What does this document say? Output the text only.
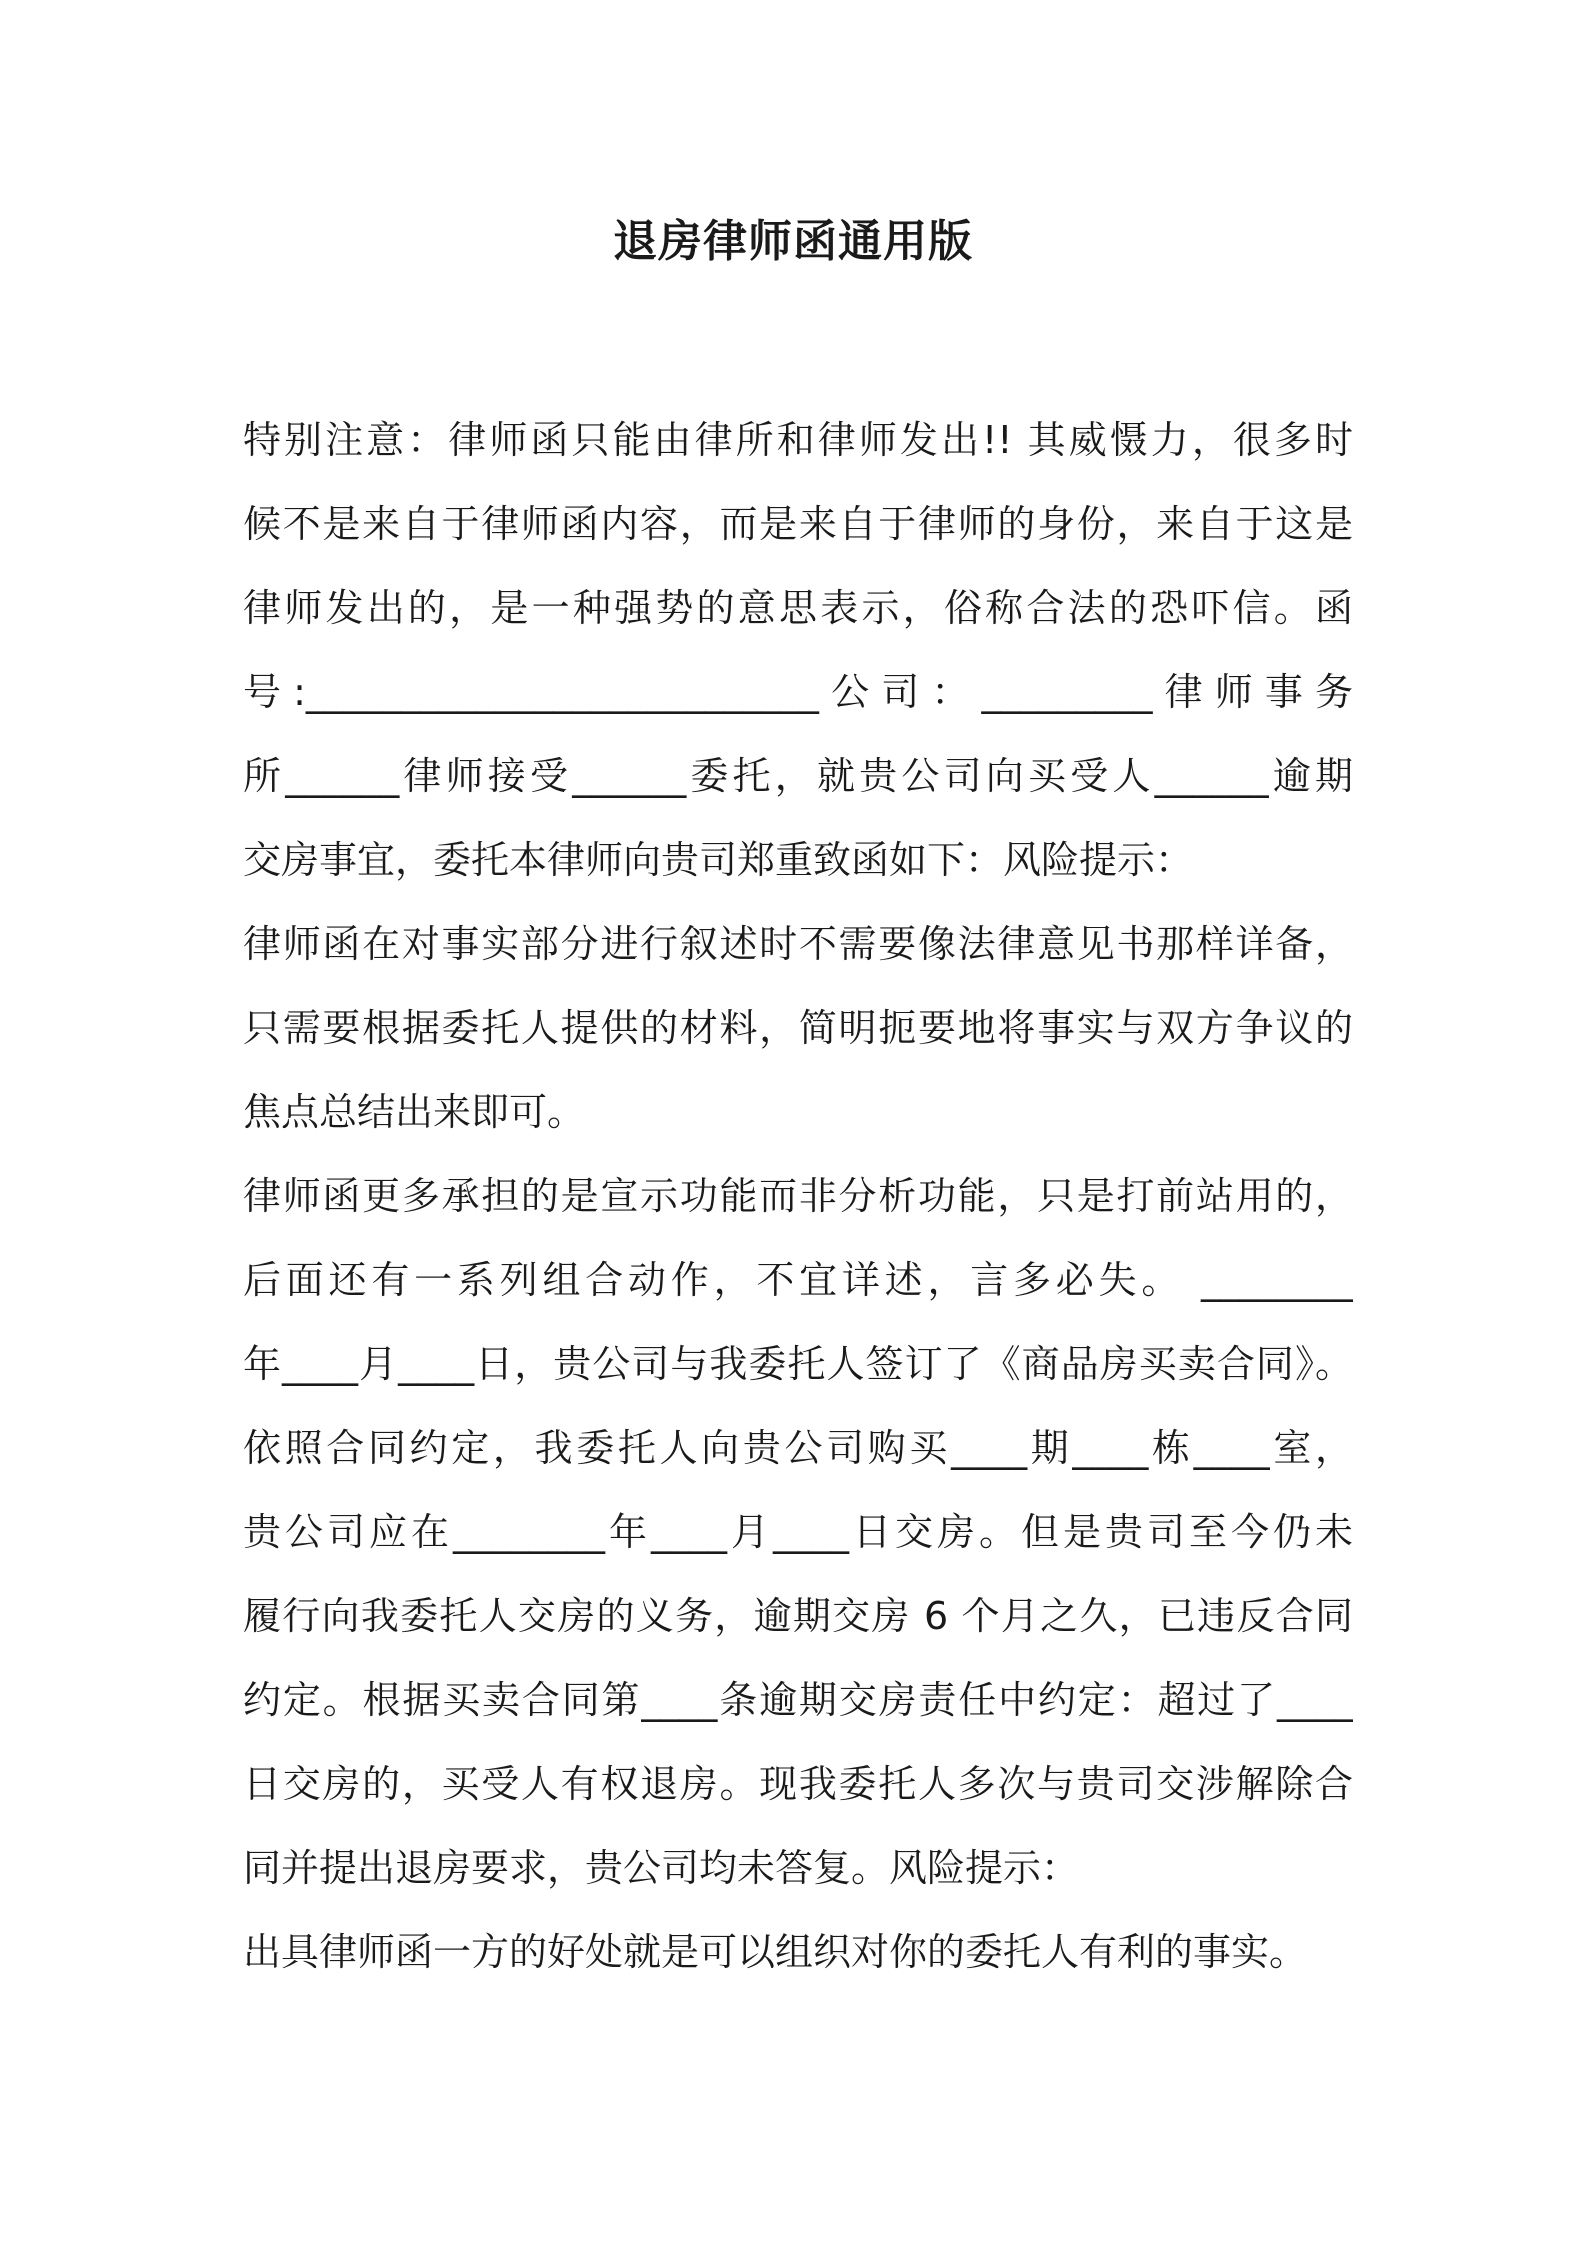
退房律师函通用版
特别注意：律师函只能由律所和律师发出!! 其威慑力，很多时
候不是来自于律师函内容，而是来自于律师的身份，来自于这是
律师发出的，是一种强势的意思表示，俗称合法的恐吓信。函
号:___________________________公司：_________律师事务
所______律师接受______委托，就贵公司向买受人______逾期
交房事宜，委托本律师向贵司郑重致函如下：风险提示：
律师函在对事实部分进行叙述时不需要像法律意见书那样详备，
只需要根据委托人提供的材料，简明扼要地将事实与双方争议的
焦点总结出来即可。
律师函更多承担的是宣示功能而非分析功能，只是打前站用的，
后面还有一系列组合动作，不宜详述，言多必失。 ________
年____月____日，贵公司与我委托人签订了《商品房买卖合同》。
依照合同约定，我委托人向贵公司购买____期____栋____室，
贵公司应在________年____月____日交房。但是贵司至今仍未
履行向我委托人交房的义务，逾期交房 6 个月之久，已违反合同
约定。根据买卖合同第____条逾期交房责任中约定：超过了____
日交房的，买受人有权退房。现我委托人多次与贵司交涉解除合
同并提出退房要求，贵公司均未答复。风险提示：
出具律师函一方的好处就是可以组织对你的委托人有利的事实。
